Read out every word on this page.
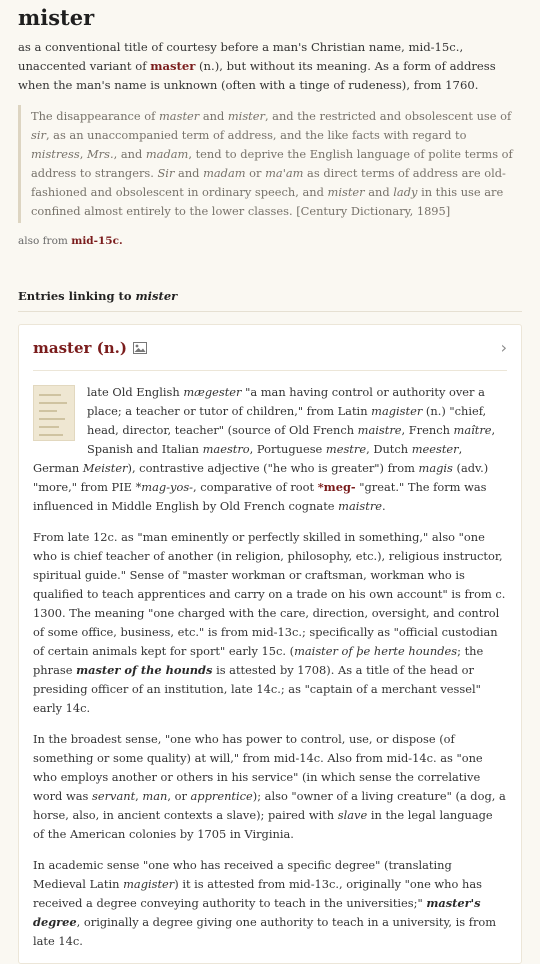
mister

as a conventional title of courtesy before a man's Christian name, mid-15c., unaccented variant of master (n.), but without its meaning. As a form of address when the man's name is unknown (often with a tinge of rudeness), from 1760.

The disappearance of master and mister, and the restricted and obsolescent use of sir, as an unaccompanied term of address, and the like facts with regard to mistress, Mrs., and madam, tend to deprive the English language of polite terms of address to strangers. Sir and madam or ma'am as direct terms of address are old-fashioned and obsolescent in ordinary speech, and mister and lady in this use are confined almost entirely to the lower classes. [Century Dictionary, 1895]
also from mid-15c.
Entries linking to mister
master (n.)	›

late Old English mægester "a man having control or authority over a place; a teacher or tutor of children," from Latin magister (n.) "chief, head, director, teacher" (source of Old French maistre, French maître, Spanish and Italian maestro, Portuguese mestre, Dutch meester, German Meister), contrastive adjective ("he who is greater") from magis (adv.) "more," from PIE *mag-yos-, comparative of root *meg- "great." The form was influenced in Middle English by Old French cognate maistre.

From late 12c. as "man eminently or perfectly skilled in something," also "one who is chief teacher of another (in religion, philosophy, etc.), religious instructor, spiritual guide." Sense of "master workman or craftsman, workman who is qualified to teach apprentices and carry on a trade on his own account" is from c. 1300. The meaning "one charged with the care, direction, oversight, and control of some office, business, etc." is from mid-13c.; specifically as "official custodian of certain animals kept for sport" early 15c. (maister of þe herte houndes; the phrase master of the hounds is attested by 1708). As a title of the head or presiding officer of an institution, late 14c.; as "captain of a merchant vessel" early 14c.

In the broadest sense, "one who has power to control, use, or dispose (of something or some quality) at will," from mid-14c. Also from mid-14c. as "one who employs another or others in his service" (in which sense the correlative word was servant, man, or apprentice); also "owner of a living creature" (a dog, a horse, also, in ancient contexts a slave); paired with slave in the legal language of the American colonies by 1705 in Virginia.

In academic sense "one who has received a specific degree" (translating Medieval Latin magister) it is attested from mid-13c., originally "one who has received a degree conveying authority to teach in the universities;" master's degree, originally a degree giving one authority to teach in a university, is from late 14c.
